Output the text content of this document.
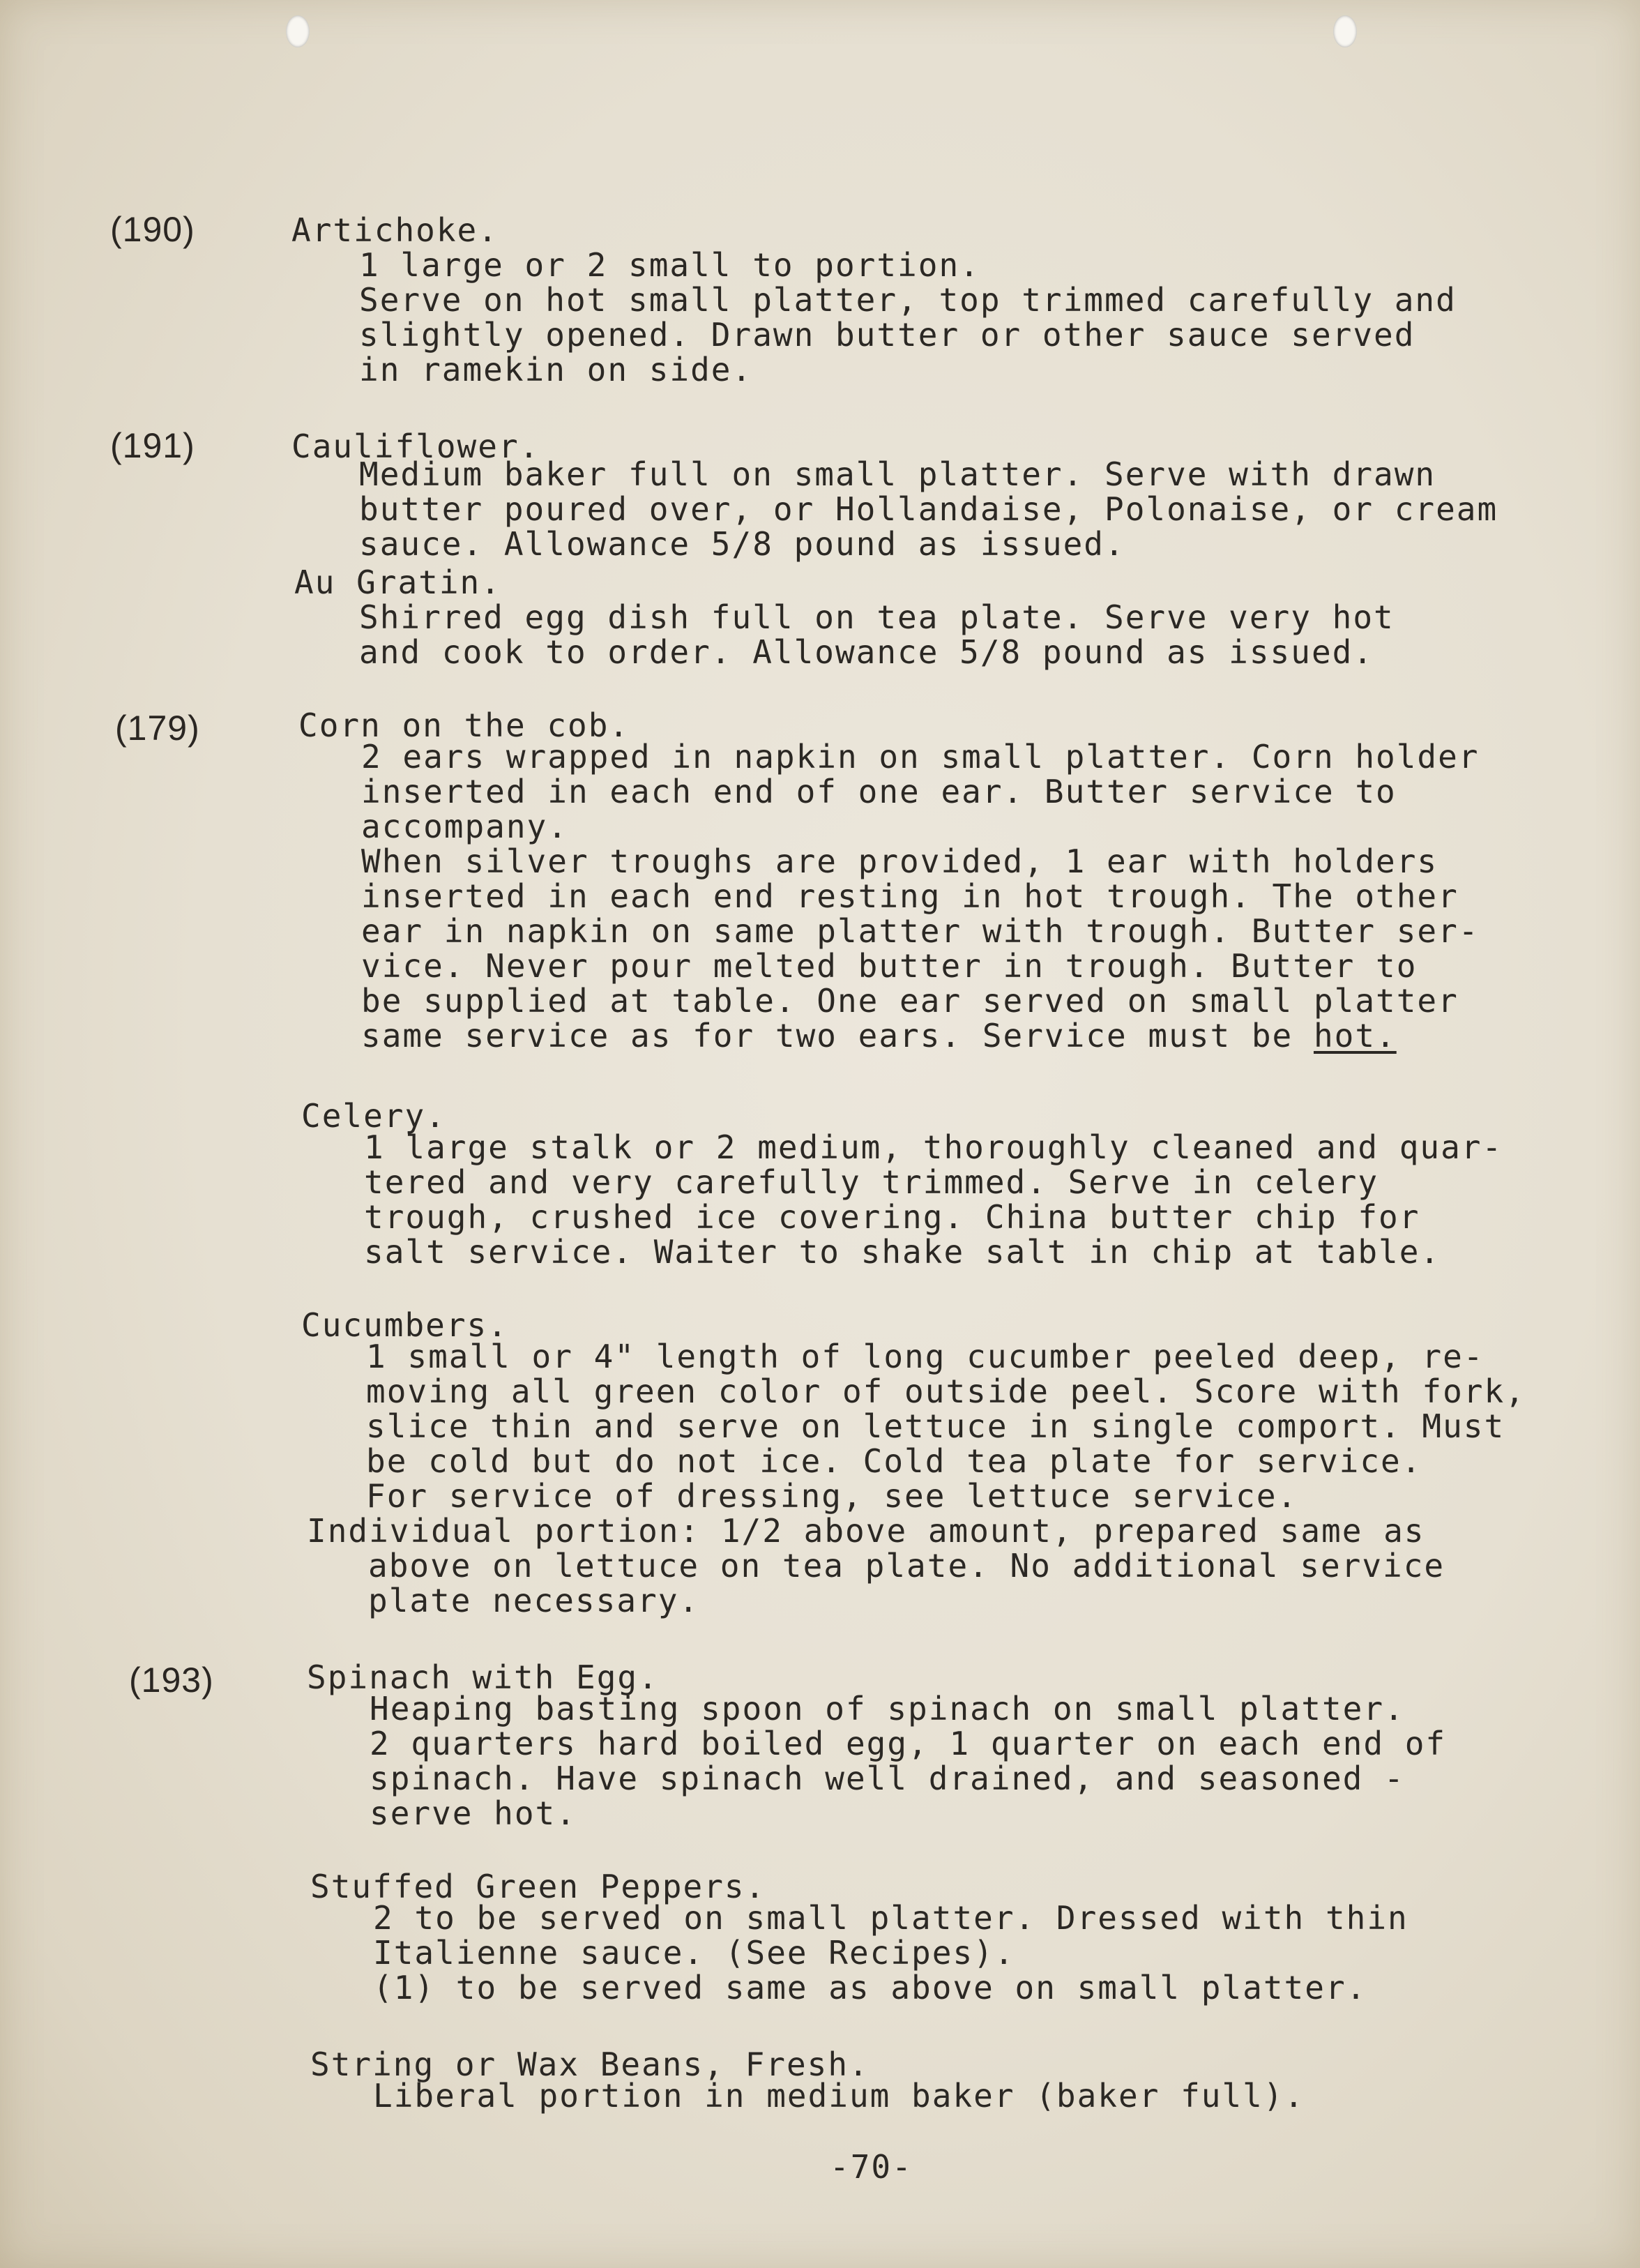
(190)	Artichoke.
1 large or 2 small to portion.
Serve on hot small platter, top trimmed carefully and
slightly opened. Drawn butter or other sauce served
in ramekin on side.
(191)	Cauliflower.
Medium baker full on small platter. Serve with drawn
butter poured over, or Hollandaise, Polonaise, or cream
sauce. Allowance 5/8 pound as issued.
Au Gratin.
Shirred egg dish full on tea plate. Serve very hot
and cook to order. Allowance 5/8 pound as issued.
(179)	Corn on the cob.
2 ears wrapped in napkin on small platter. Corn holder
inserted in each end of one ear. Butter service to
accompany.
When silver troughs are provided, 1 ear with holders
inserted in each end resting in hot trough. The other
ear in napkin on same platter with trough. Butter ser-
vice. Never pour melted butter in trough. Butter to
be supplied at table. One ear served on small platter
same service as for two ears. Service must be hot.
Celery.
1 large stalk or 2 medium, thoroughly cleaned and quar-
tered and very carefully trimmed. Serve in celery
trough, crushed ice covering. China butter chip for
salt service. Waiter to shake salt in chip at table.
Cucumbers.
1 small or 4" length of long cucumber peeled deep, re-
moving all green color of outside peel. Score with fork,
slice thin and serve on lettuce in single comport. Must
be cold but do not ice. Cold tea plate for service.
For service of dressing, see lettuce service.
Individual portion: 1/2 above amount, prepared same as
above on lettuce on tea plate. No additional service
plate necessary.
(193)	Spinach with Egg.
Heaping basting spoon of spinach on small platter.
2 quarters hard boiled egg, 1 quarter on each end of
spinach. Have spinach well drained, and seasoned -
serve hot.
Stuffed Green Peppers.
2 to be served on small platter. Dressed with thin
Italienne sauce. (See Recipes).
(1) to be served same as above on small platter.
String or Wax Beans, Fresh.
Liberal portion in medium baker (baker full).
-70-
